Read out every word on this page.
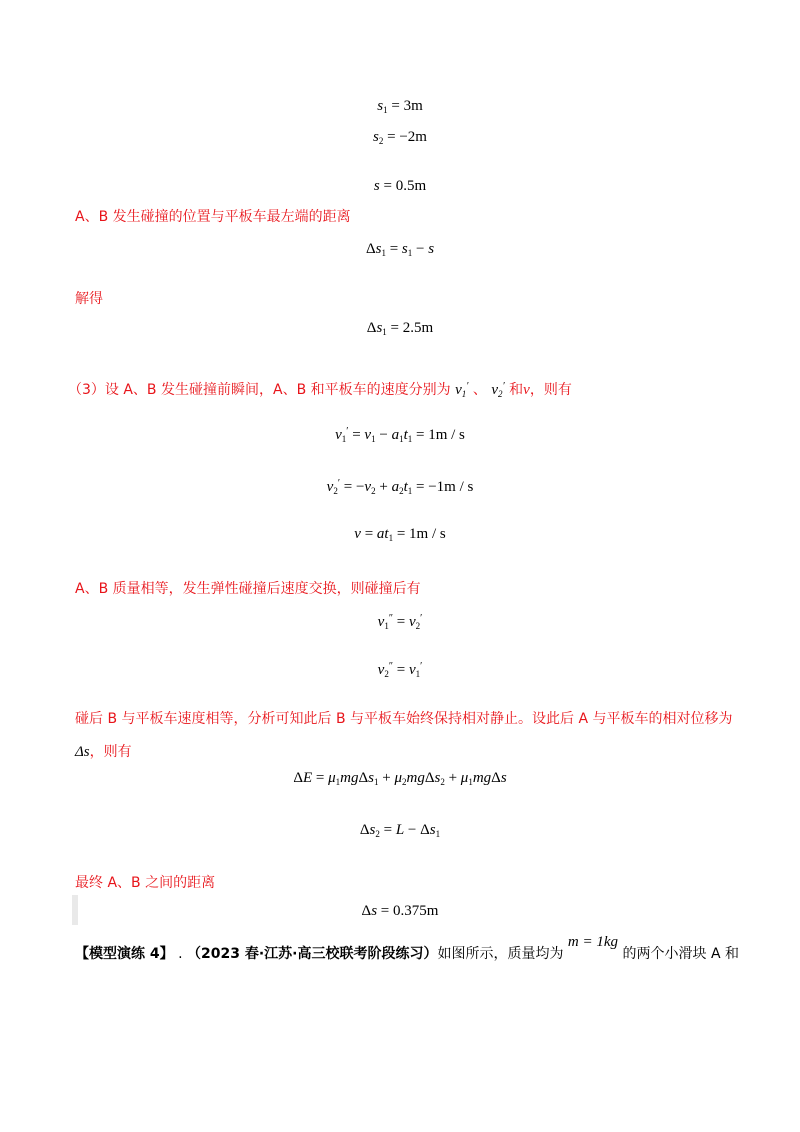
$s_1 = 3m$
$s_2 = -2m$
s = 0.5m
A、B 发生碰撞的位置与平板车最左端的距离
$\Delta s_1 = s_1 - s$
解得
$\Delta s_1 = 2.5m$
（3）设 A、B 发生碰撞前瞬间，A、B 和平板车的速度分别为 $v_1'$ 、 $v_2'$ 和v，则有
$v_1' = v_1 - a_1t_1 = 1m / s$
$v_2' = -v_2 + a_2t_1 = -1m / s$
$v = at_1 = 1m / s$
A、B 质量相等，发生弹性碰撞后速度交换，则碰撞后有
$v_1'' = v_2'$
$v_2'' = v_1'$
碰后 B 与平板车速度相等，分析可知此后 B 与平板车始终保持相对静止。设此后 A 与平板车的相对位移为
Δs，则有
$\Delta E = \mu_1mg\Delta s_1 + \mu_2mg\Delta s_2 + \mu_1mg\Delta s$
$\Delta s_2 = L - \Delta s_1$
最终 A、B 之间的距离
Δs = 0.375m
【模型演练 4】 . （2023 春·江苏·高三校联考阶段练习）如图所示，质量均为 m = 1kg 的两个小滑块 A 和
